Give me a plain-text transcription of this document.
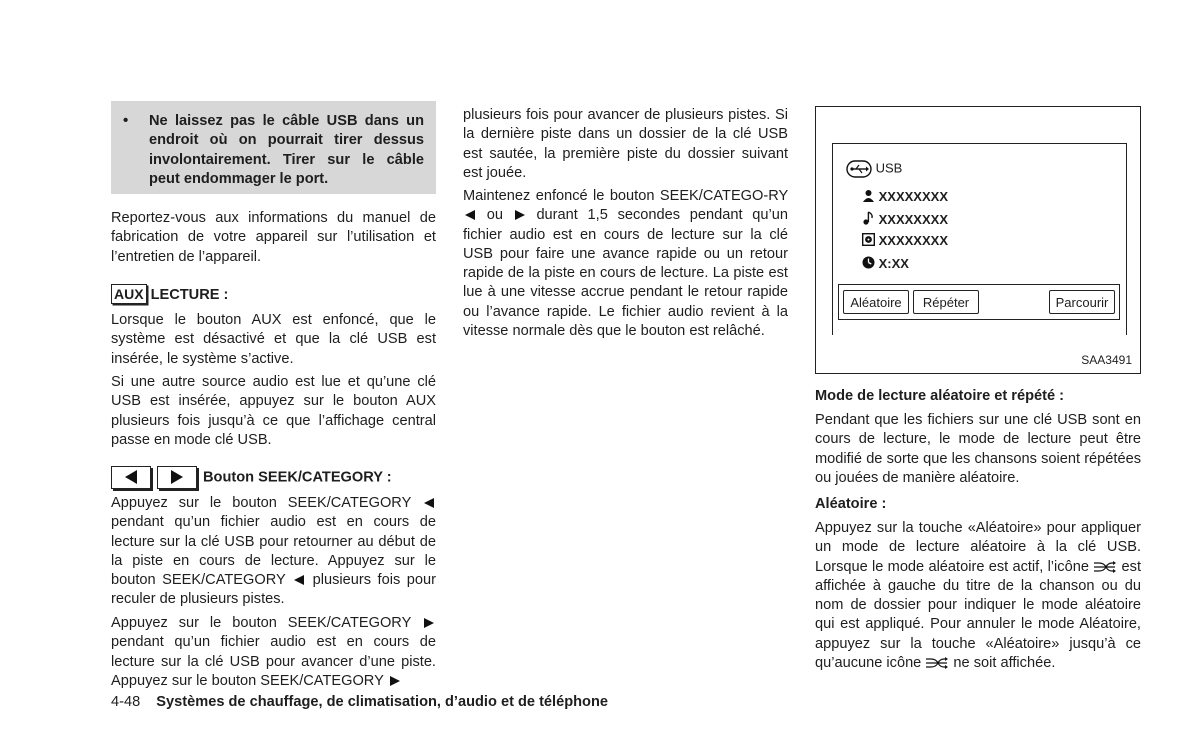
• Ne laissez pas le câble USB dans un endroit où on pourrait tirer dessus involontairement. Tirer sur le câble peut endommager le port.

Reportez-vous aux informations du manuel de fabrication de votre appareil sur l’utilisation et l’entretien de l’appareil.

AUX LECTURE :

Lorsque le bouton AUX est enfoncé, que le système est désactivé et que la clé USB est insérée, le système s’active.

Si une autre source audio est lue et qu’une clé USB est insérée, appuyez sur le bouton AUX plusieurs fois jusqu’à ce que l’affichage central passe en mode clé USB.

Bouton SEEK/CATEGORY :

Appuyez sur le bouton SEEK/CATEGORY  pendant qu’un fichier audio est en cours de lecture sur la clé USB pour retourner au début de la piste en cours de lecture. Appuyez sur le bouton SEEK/CATEGORY plusieurs fois pour reculer de plusieurs pistes.

Appuyez sur le bouton SEEK/CATEGORY  pendant qu’un fichier audio est en cours de lecture sur la clé USB pour avancer d’une piste. Appuyez sur le bouton SEEK/CATEGORY

plusieurs fois pour avancer de plusieurs pistes. Si la dernière piste dans un dossier de la clé USB est sautée, la première piste du dossier suivant est jouée.

Maintenez enfoncé le bouton SEEK/CATEGO-RY  ou durant 1,5 secondes pendant qu’un fichier audio est en cours de lecture sur la clé USB pour faire une avance rapide ou un retour rapide de la piste en cours de lecture. La piste est lue à une vitesse accrue pendant le retour rapide ou l’avance rapide. Le fichier audio revient à la vitesse normale dès que le bouton est relâché.

USB
XXXXXXXX
XXXXXXXX
XXXXXXXX
X:XX
Aléatoire	Répéter	Parcourir
SAA3491
Mode de lecture aléatoire et répété :

Pendant que les fichiers sur une clé USB sont en cours de lecture, le mode de lecture peut être modifié de sorte que les chansons soient répétées ou jouées de manière aléatoire.

Aléatoire :

Appuyez sur la touche «Aléatoire» pour appliquer un mode de lecture aléatoire à la clé USB. Lorsque le mode aléatoire est actif, l’icône est affichée à gauche du titre de la chanson ou du nom de dossier pour indiquer le mode aléatoire qui est appliqué. Pour annuler le mode Aléatoire, appuyez sur la touche «Aléatoire» jusqu’à ce qu’aucune icône ne soit affichée.

4-48 Systèmes de chauffage, de climatisation, d’audio et de téléphone
